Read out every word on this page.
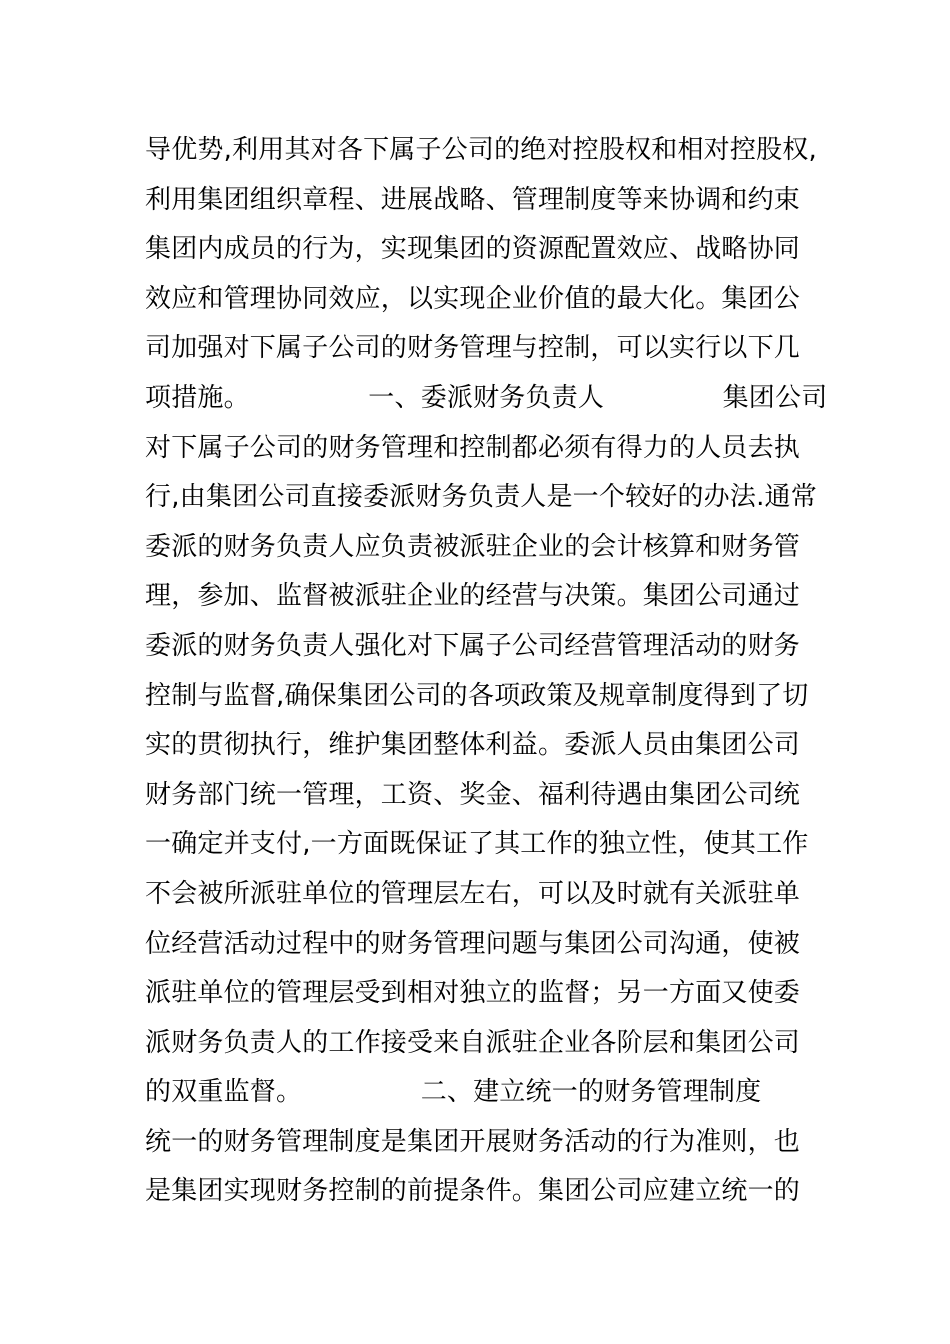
导优势,利用其对各下属子公司的绝对控股权和相对控股权,
利用集团组织章程、进展战略、管理制度等来协调和约束
集团内成员的行为，实现集团的资源配置效应、战略协同
效应和管理协同效应，以实现企业价值的最大化。集团公
司加强对下属子公司的财务管理与控制，可以实行以下几
项措施。              一、委派财务负责人              集团公司
对下属子公司的财务管理和控制都必须有得力的人员去执
行,由集团公司直接委派财务负责人是一个较好的办法.通常
委派的财务负责人应负责被派驻企业的会计核算和财务管
理，参加、监督被派驻企业的经营与决策。集团公司通过
委派的财务负责人强化对下属子公司经营管理活动的财务
控制与监督,确保集团公司的各项政策及规章制度得到了切
实的贯彻执行，维护集团整体利益。委派人员由集团公司
财务部门统一管理，工资、奖金、福利待遇由集团公司统
一确定并支付,一方面既保证了其工作的独立性，使其工作
不会被所派驻单位的管理层左右，可以及时就有关派驻单
位经营活动过程中的财务管理问题与集团公司沟通，使被
派驻单位的管理层受到相对独立的监督；另一方面又使委
派财务负责人的工作接受来自派驻企业各阶层和集团公司
的双重监督。              二、建立统一的财务管理制度
统一的财务管理制度是集团开展财务活动的行为准则，也
是集团实现财务控制的前提条件。集团公司应建立统一的
